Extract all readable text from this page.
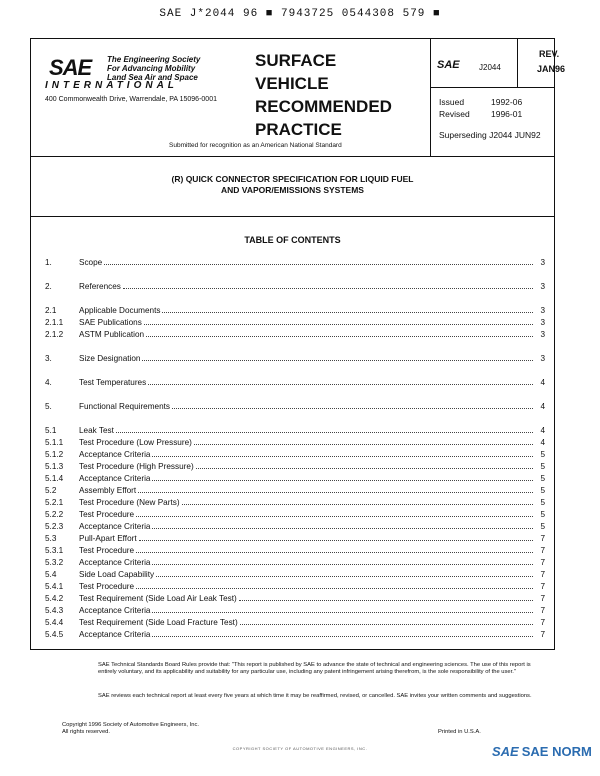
SAE J*2044 96 ■ 7943725 0544308 579 ■
SAE The Engineering Society
For Advancing Mobility
Land Sea Air and Space
INTERNATIONAL
400 Commonwealth Drive, Warrendale, PA 15096-0001
SURFACE
VEHICLE
RECOMMENDED
PRACTICE
Submitted for recognition as an American National Standard
SAE J2044
REV.
JAN96
Issued	1992-06
Revised	1996-01
Superseding J2044 JUN92
(R) QUICK CONNECTOR SPECIFICATION FOR LIQUID FUEL
AND VAPOR/EMISSIONS SYSTEMS
TABLE OF CONTENTS
1.	Scope	3
2.	References	3
2.1	Applicable Documents	3
2.1.1	SAE Publications	3
2.1.2	ASTM Publication	3
3.	Size Designation	3
4.	Test Temperatures	4
5.	Functional Requirements	4
5.1	Leak Test	4
5.1.1	Test Procedure (Low Pressure)	4
5.1.2	Acceptance Criteria	5
5.1.3	Test Procedure (High Pressure)	5
5.1.4	Acceptance Criteria	5
5.2	Assembly Effort	5
5.2.1	Test Procedure (New Parts)	5
5.2.2	Test Procedure	5
5.2.3	Acceptance Criteria	5
5.3	Pull-Apart Effort	7
5.3.1	Test Procedure	7
5.3.2	Acceptance Criteria	7
5.4	Side Load Capability	7
5.4.1	Test Procedure	7
5.4.2	Test Requirement (Side Load Air Leak Test)	7
5.4.3	Acceptance Criteria	7
5.4.4	Test Requirement (Side Load Fracture Test)	7
5.4.5	Acceptance Criteria	7
SAE Technical Standards Board Rules provide that: "This report is published by SAE to advance the state of technical and engineering sciences. The use of this report is entirely voluntary, and its applicability and suitability for any particular use, including any patent infringement arising therefrom, is the sole responsibility of the user."
SAE reviews each technical report at least every five years at which time it may be reaffirmed, revised, or cancelled. SAE invites your written comments and suggestions.
Copyright 1996 Society of Automotive Engineers, Inc.
All rights reserved.	Printed in U.S.A.
COPYRIGHT SOCIETY OF AUTOMOTIVE ENGINEERS, INC.	SAE SAE NORM
